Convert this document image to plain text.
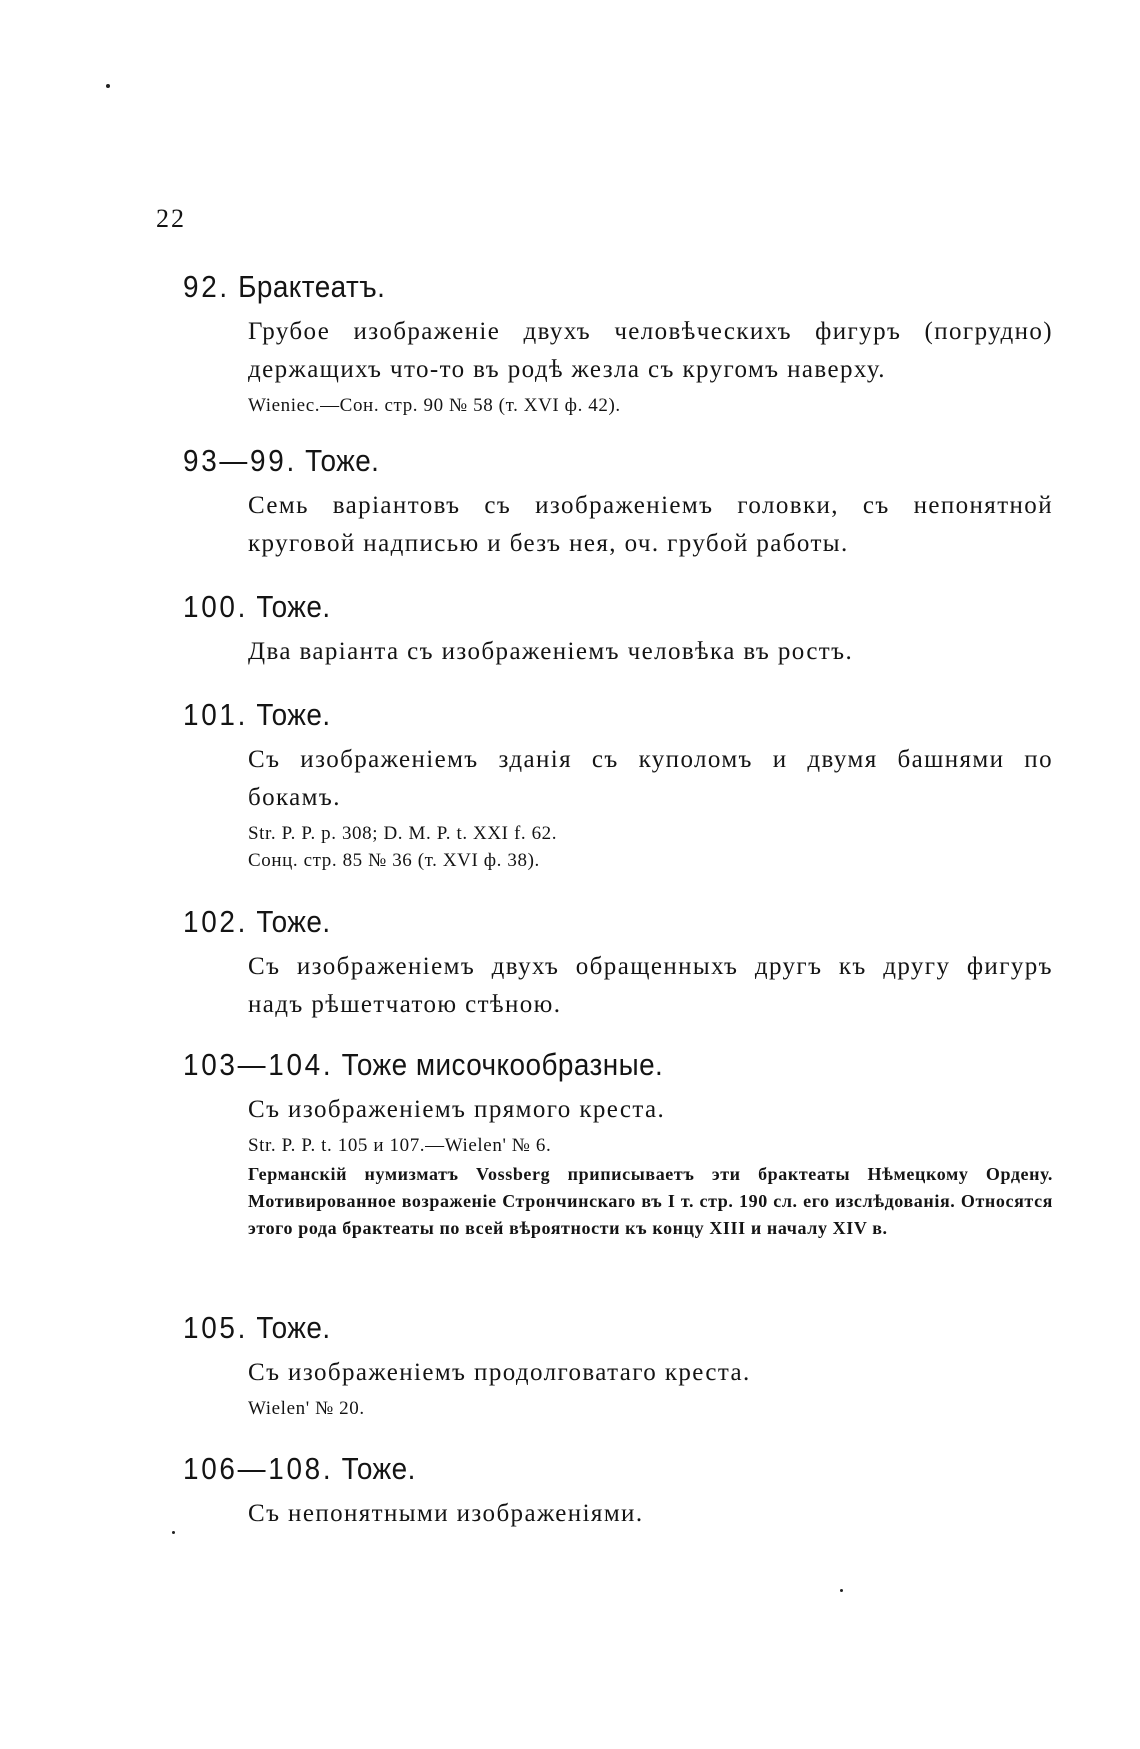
22
92. Брактеатъ.
Грубое изображеніе двухъ человѣческихъ фигуръ (погрудно) держащихъ что-то въ родѣ жезла съ кругомъ наверху.
Wieniec.—Сон. стр. 90 № 58 (т. XVI ф. 42).
93—99. Тоже.
Семь варіантовъ съ изображеніемъ головки, съ непонятной круговой надписью и безъ нея, оч. грубой работы.
100. Тоже.
Два варіанта съ изображеніемъ человѣка въ ростъ.
101. Тоже.
Съ изображеніемъ зданія съ куполомъ и двумя башнями по бокамъ.
Str. P. P. p. 308; D. M. P. t. XXI f. 62.
Сонц. стр. 85 № 36 (т. XVI ф. 38).
102. Тоже.
Съ изображеніемъ двухъ обращенныхъ другъ къ другу фигуръ надъ рѣшетчатою стѣною.
103—104. Тоже мисочкообразные.
Съ изображеніемъ прямого креста.
Str. P. P. t. 105 и 107.—Wielen' № 6.
Германскій нумизматъ Vossberg приписываетъ эти брактеаты Нѣмецкому Ордену. Мотивированное возраженіе Стрончинскаго въ I т. стр. 190 сл. его изслѣдованія. Относятся этого рода брактеаты по всей вѣроятности къ концу XIII и началу XIV в.
105. Тоже.
Съ изображеніемъ продолговатаго креста.
Wielen' № 20.
106—108. Тоже.
Съ непонятными изображеніями.
